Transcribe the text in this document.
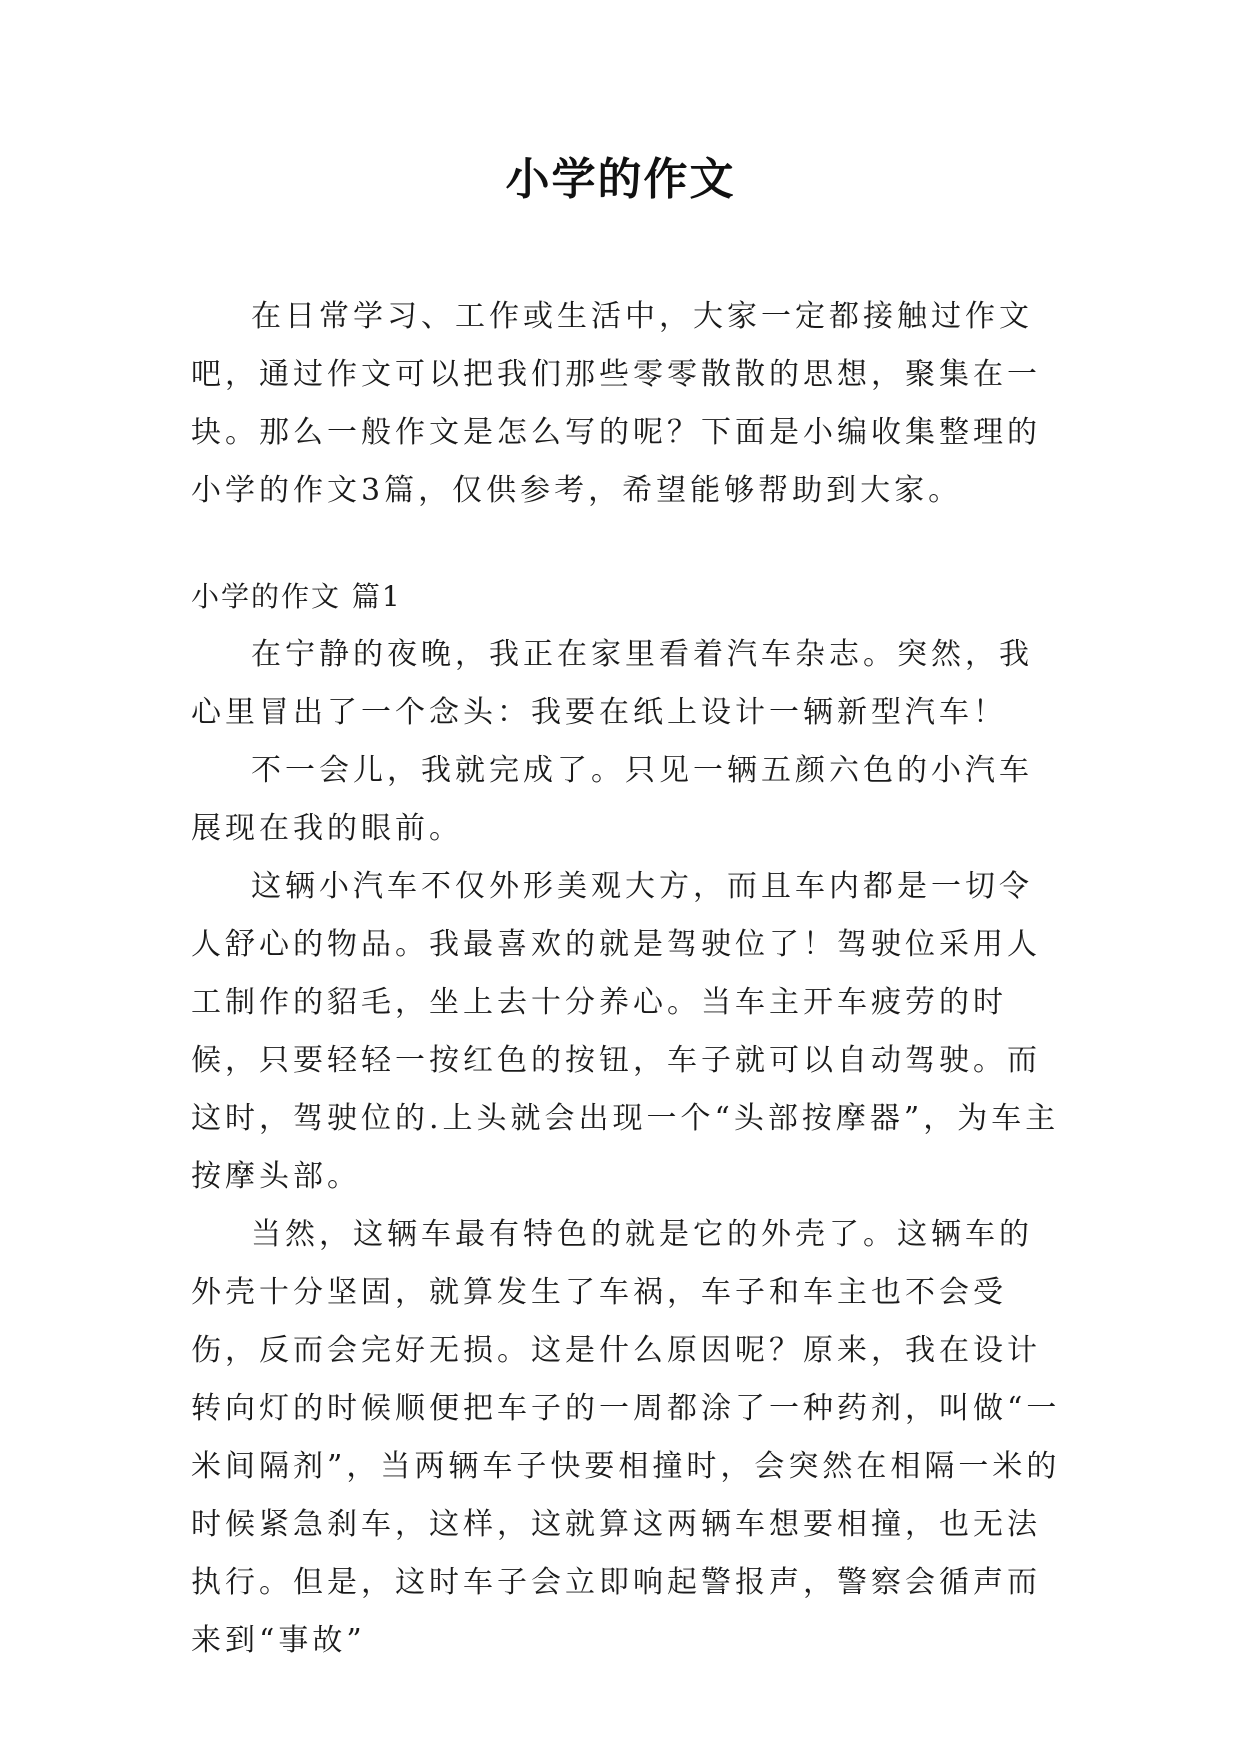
小学的作文

在日常学习、工作或生活中，大家一定都接触过作文吧，通过作文可以把我们那些零零散散的思想，聚集在一块。那么一般作文是怎么写的呢？下面是小编收集整理的小学的作文3篇，仅供参考，希望能够帮助到大家。

小学的作文 篇1

在宁静的夜晚，我正在家里看着汽车杂志。突然，我心里冒出了一个念头：我要在纸上设计一辆新型汽车！

不一会儿，我就完成了。只见一辆五颜六色的小汽车展现在我的眼前。

这辆小汽车不仅外形美观大方，而且车内都是一切令人舒心的物品。我最喜欢的就是驾驶位了！驾驶位采用人工制作的貂毛，坐上去十分养心。当车主开车疲劳的时候，只要轻轻一按红色的按钮，车子就可以自动驾驶。而这时，驾驶位的.上头就会出现一个“头部按摩器”，为车主按摩头部。

当然，这辆车最有特色的就是它的外壳了。这辆车的外壳十分坚固，就算发生了车祸，车子和车主也不会受伤，反而会完好无损。这是什么原因呢？原来，我在设计转向灯的时候顺便把车子的一周都涂了一种药剂，叫做“一米间隔剂”，当两辆车子快要相撞时，会突然在相隔一米的时候紧急刹车，这样，这就算这两辆车想要相撞，也无法执行。但是，这时车子会立即响起警报声，警察会循声而来到“事故”
